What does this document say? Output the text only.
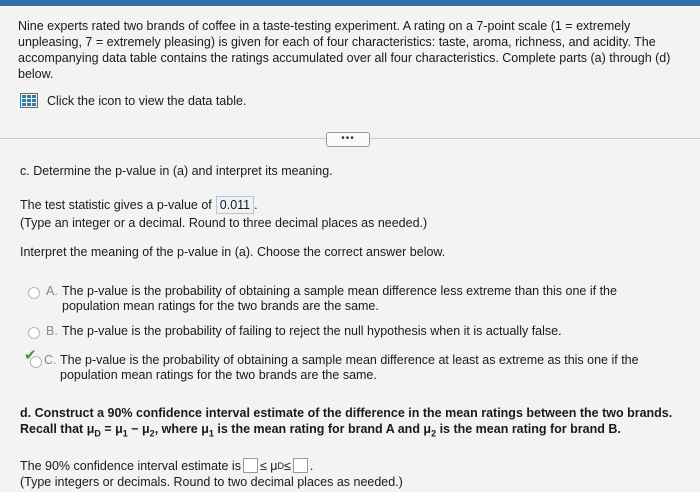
Nine experts rated two brands of coffee in a taste-testing experiment. A rating on a 7-point scale (1 = extremely unpleasing, 7 = extremely pleasing) is given for each of four characteristics: taste, aroma, richness, and acidity. The accompanying data table contains the ratings accumulated over all four characteristics. Complete parts (a) through (d) below.
Click the icon to view the data table.
•••
c. Determine the p-value in (a) and interpret its meaning.
The test statistic gives a p-value of 0.011 .
(Type an integer or a decimal. Round to three decimal places as needed.)
Interpret the meaning of the p-value in (a). Choose the correct answer below.
A. The p-value is the probability of obtaining a sample mean difference less extreme than this one if the population mean ratings for the two brands are the same.
B. The p-value is the probability of failing to reject the null hypothesis when it is actually false.
✔ C. The p-value is the probability of obtaining a sample mean difference at least as extreme as this one if the population mean ratings for the two brands are the same.
d. Construct a 90% confidence interval estimate of the difference in the mean ratings between the two brands. Recall that $\mu_D = \mu_1 - \mu_2$, where $\mu_1$ is the mean rating for brand A and $\mu_2$ is the mean rating for brand B.
The 90% confidence interval estimate is ≤ μ D ≤
.
(Type integers or decimals. Round to two decimal places as needed.)
